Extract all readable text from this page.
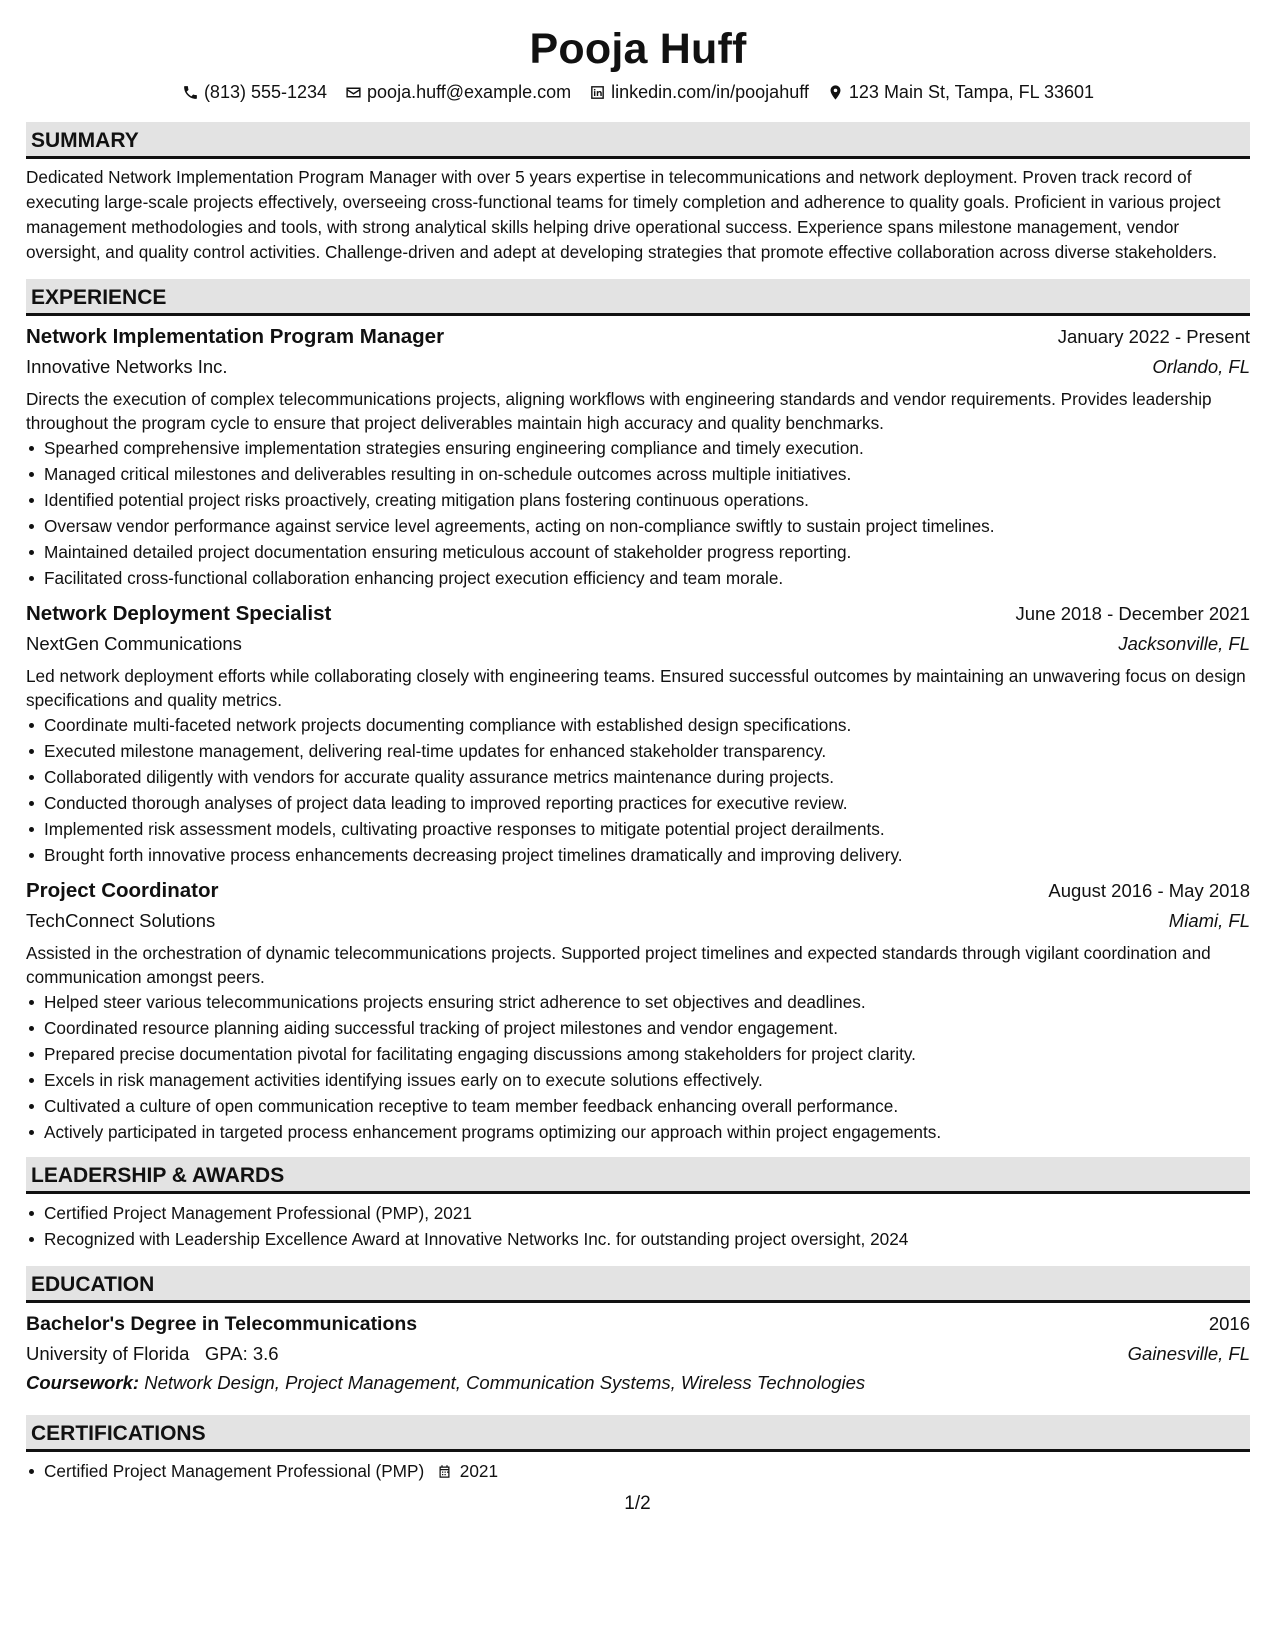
Pooja Huff
(813) 555-1234 pooja.huff@example.com linkedin.com/in/poojahuff 123 Main St, Tampa, FL 33601
SUMMARY
Dedicated Network Implementation Program Manager with over 5 years expertise in telecommunications and network deployment. Proven track record of executing large-scale projects effectively, overseeing cross-functional teams for timely completion and adherence to quality goals. Proficient in various project management methodologies and tools, with strong analytical skills helping drive operational success. Experience spans milestone management, vendor oversight, and quality control activities. Challenge-driven and adept at developing strategies that promote effective collaboration across diverse stakeholders.
EXPERIENCE
Network Implementation Program Manager	January 2022 - Present
Innovative Networks Inc.	Orlando, FL
Directs the execution of complex telecommunications projects, aligning workflows with engineering standards and vendor requirements. Provides leadership throughout the program cycle to ensure that project deliverables maintain high accuracy and quality benchmarks.
Spearhed comprehensive implementation strategies ensuring engineering compliance and timely execution.
Managed critical milestones and deliverables resulting in on-schedule outcomes across multiple initiatives.
Identified potential project risks proactively, creating mitigation plans fostering continuous operations.
Oversaw vendor performance against service level agreements, acting on non-compliance swiftly to sustain project timelines.
Maintained detailed project documentation ensuring meticulous account of stakeholder progress reporting.
Facilitated cross-functional collaboration enhancing project execution efficiency and team morale.
Network Deployment Specialist	June 2018 - December 2021
NextGen Communications	Jacksonville, FL
Led network deployment efforts while collaborating closely with engineering teams. Ensured successful outcomes by maintaining an unwavering focus on design specifications and quality metrics.
Coordinate multi-faceted network projects documenting compliance with established design specifications.
Executed milestone management, delivering real-time updates for enhanced stakeholder transparency.
Collaborated diligently with vendors for accurate quality assurance metrics maintenance during projects.
Conducted thorough analyses of project data leading to improved reporting practices for executive review.
Implemented risk assessment models, cultivating proactive responses to mitigate potential project derailments.
Brought forth innovative process enhancements decreasing project timelines dramatically and improving delivery.
Project Coordinator	August 2016 - May 2018
TechConnect Solutions	Miami, FL
Assisted in the orchestration of dynamic telecommunications projects. Supported project timelines and expected standards through vigilant coordination and communication amongst peers.
Helped steer various telecommunications projects ensuring strict adherence to set objectives and deadlines.
Coordinated resource planning aiding successful tracking of project milestones and vendor engagement.
Prepared precise documentation pivotal for facilitating engaging discussions among stakeholders for project clarity.
Excels in risk management activities identifying issues early on to execute solutions effectively.
Cultivated a culture of open communication receptive to team member feedback enhancing overall performance.
Actively participated in targeted process enhancement programs optimizing our approach within project engagements.
LEADERSHIP & AWARDS
Certified Project Management Professional (PMP), 2021
Recognized with Leadership Excellence Award at Innovative Networks Inc. for outstanding project oversight, 2024
EDUCATION
Bachelor's Degree in Telecommunications	2016
University of Florida GPA: 3.6	Gainesville, FL
Coursework: Network Design, Project Management, Communication Systems, Wireless Technologies
CERTIFICATIONS
Certified Project Management Professional (PMP) 2021
1/2
